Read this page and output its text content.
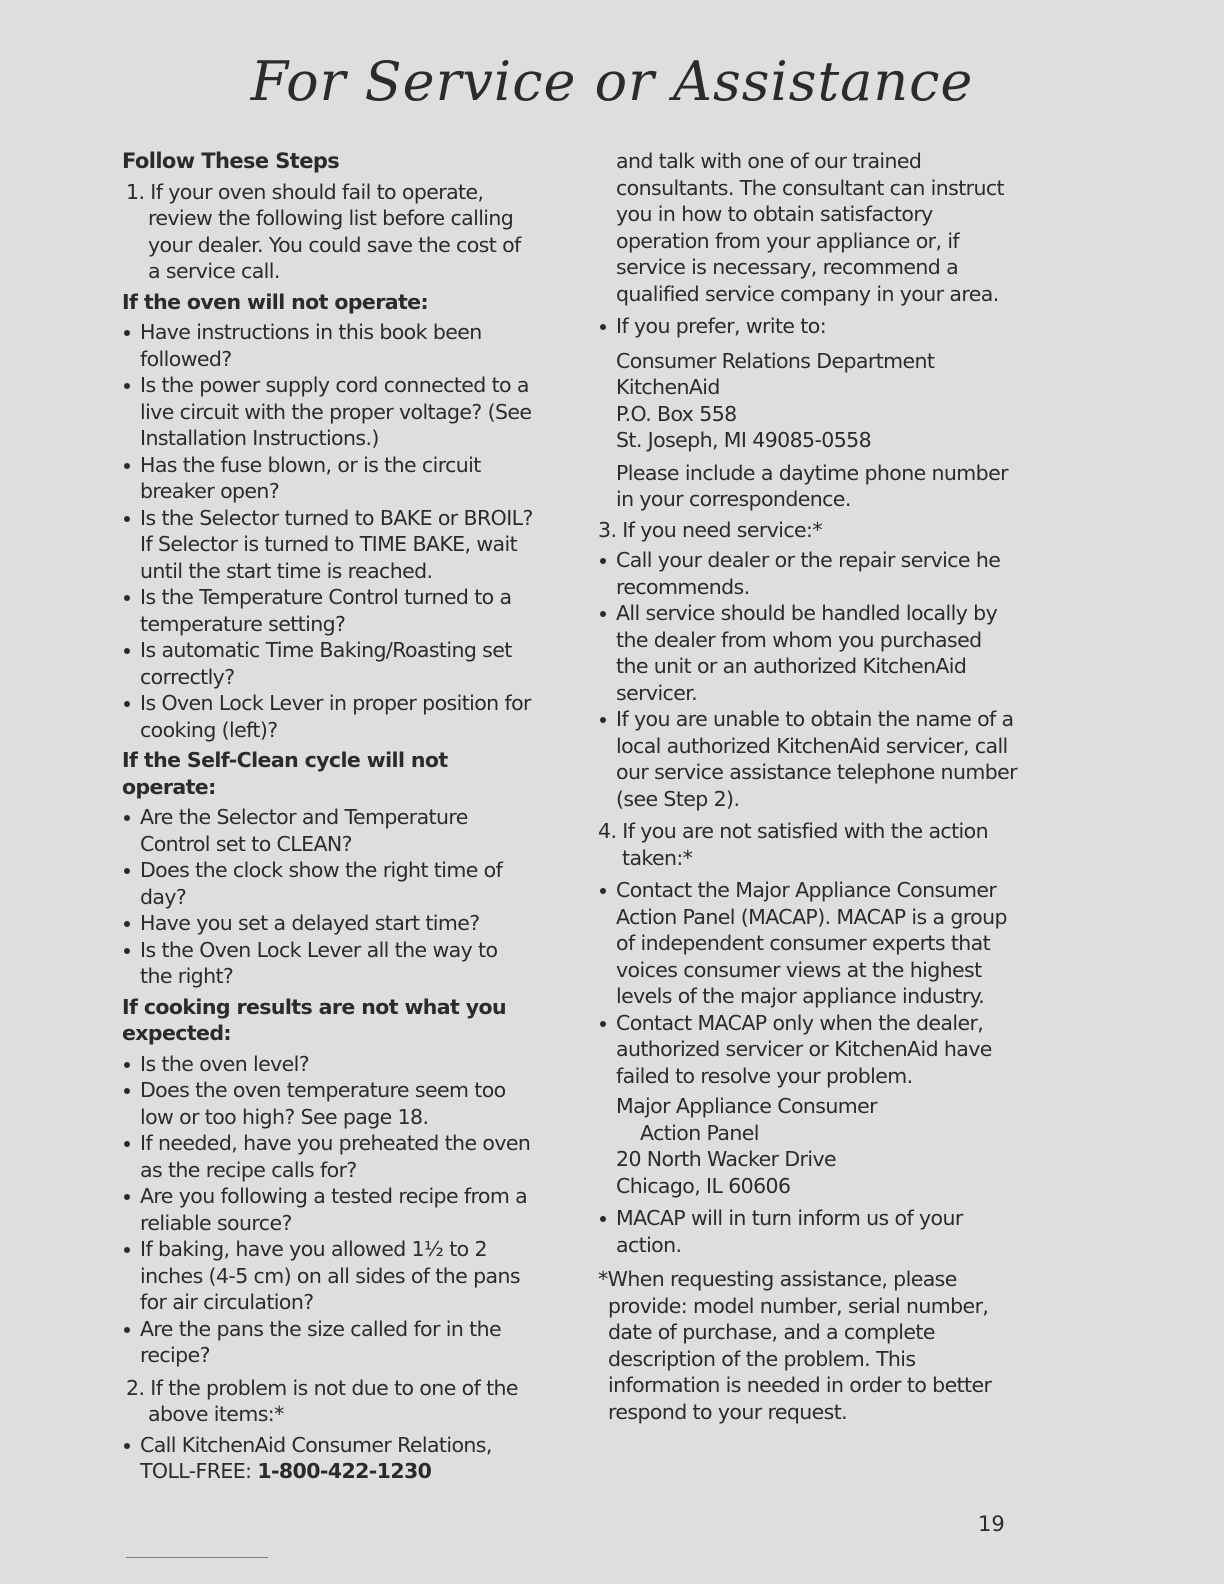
For Service or Assistance
Follow These Steps
1. If your oven should fail to operate, review the following list before calling your dealer. You could save the cost of a service call.
If the oven will not operate:
Have instructions in this book been followed?
Is the power supply cord connected to a live circuit with the proper voltage? (See Installation Instructions.)
Has the fuse blown, or is the circuit breaker open?
Is the Selector turned to BAKE or BROIL? If Selector is turned to TIME BAKE, wait until the start time is reached.
Is the Temperature Control turned to a temperature setting?
Is automatic Time Baking/Roasting set correctly?
Is Oven Lock Lever in proper position for cooking (left)?
If the Self-Clean cycle will not operate:
Are the Selector and Temperature Control set to CLEAN?
Does the clock show the right time of day?
Have you set a delayed start time?
Is the Oven Lock Lever all the way to the right?
If cooking results are not what you expected:
Is the oven level?
Does the oven temperature seem too low or too high? See page 18.
If needed, have you preheated the oven as the recipe calls for?
Are you following a tested recipe from a reliable source?
If baking, have you allowed 1½ to 2 inches (4-5 cm) on all sides of the pans for air circulation?
Are the pans the size called for in the recipe?
2. If the problem is not due to one of the above items:*
Call KitchenAid Consumer Relations, TOLL-FREE: 1-800-422-1230
and talk with one of our trained consultants. The consultant can instruct you in how to obtain satisfactory operation from your appliance or, if service is necessary, recommend a qualified service company in your area.
If you prefer, write to:
Consumer Relations Department
KitchenAid
P.O. Box 558
St. Joseph, MI 49085-0558
Please include a daytime phone number in your correspondence.
3. If you need service:*
Call your dealer or the repair service he recommends.
All service should be handled locally by the dealer from whom you purchased the unit or an authorized KitchenAid servicer.
If you are unable to obtain the name of a local authorized KitchenAid servicer, call our service assistance telephone number (see Step 2).
4. If you are not satisfied with the action taken:*
Contact the Major Appliance Consumer Action Panel (MACAP). MACAP is a group of independent consumer experts that voices consumer views at the highest levels of the major appliance industry.
Contact MACAP only when the dealer, authorized servicer or KitchenAid have failed to resolve your problem.
Major Appliance Consumer
Action Panel
20 North Wacker Drive
Chicago, IL 60606
MACAP will in turn inform us of your action.
*When requesting assistance, please provide: model number, serial number, date of purchase, and a complete description of the problem. This information is needed in order to better respond to your request.
19
